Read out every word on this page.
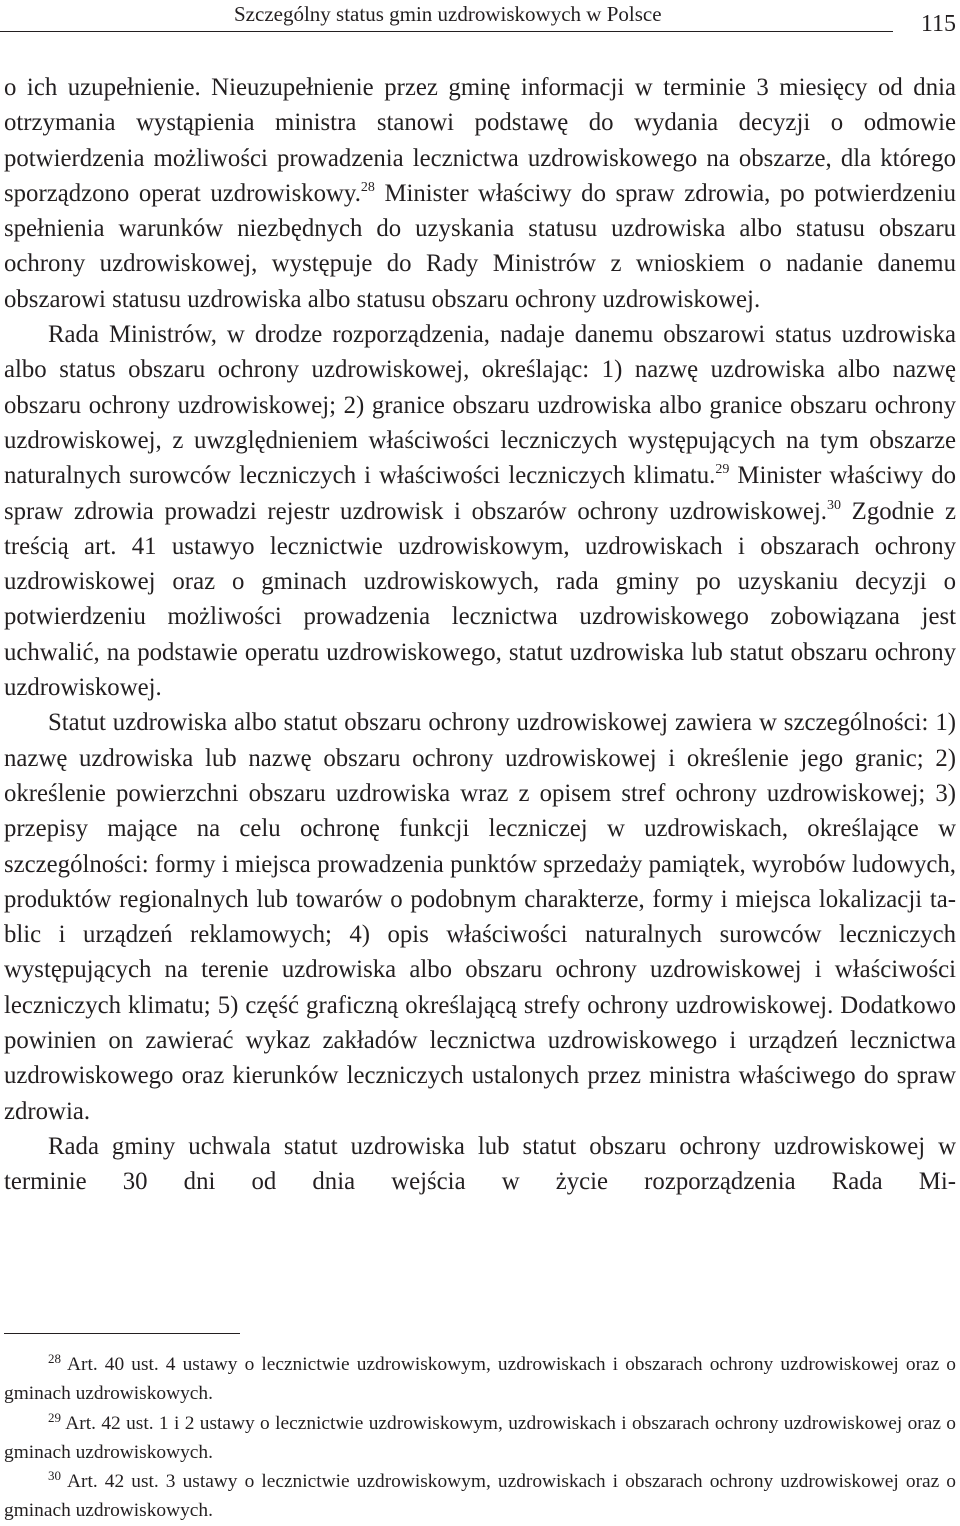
Szczególny status gmin uzdrowiskowych w Polsce	115

o ich uzupełnienie. Nieuzupełnienie przez gminę informacji w terminie 3 miesięcy od dnia otrzymania wystąpienia ministra stanowi podstawę do wydania decyzji o odmowie potwierdzenia możliwości prowadzenia lecznictwa uzdrowiskowego na obszarze, dla którego sporządzono operat uzdrowiskowy.$^{28}$ Minister właściwy do spraw zdrowia, po potwierdzeniu spełnienia warunków niezbędnych do uzyskania statusu uzdrowiska albo statusu obszaru ochrony uzdrowiskowej, występuje do Rady Ministrów z wnioskiem o nadanie danemu obszarowi statusu uzdrowiska albo statusu obszaru ochrony uzdrowiskowej.

Rada Ministrów, w drodze rozporządzenia, nadaje danemu obszarowi status uzdrowiska albo status obszaru ochrony uzdrowiskowej, określając: 1) nazwę uzdrowiska albo nazwę obszaru ochrony uzdrowiskowej; 2) granice obszaru uzdrowiska albo granice obszaru ochrony uzdrowiskowej, z uwzględnieniem właściwości leczniczych występujących na tym obszarze naturalnych surowców leczniczych i właściwości leczniczych klimatu.$^{29}$ Minister właściwy do spraw zdrowia prowadzi rejestr uzdrowisk i obszarów ochrony uzdrowiskowej.$^{30}$ Zgodnie z treścią art. 41 ustawyo lecznictwie uzdrowiskowym, uzdrowiskach i obszarach ochrony uzdrowiskowej oraz o gminach uzdrowiskowych, rada gminy po uzyskaniu decyzji o potwierdzeniu możliwości prowadzenia lecznictwa uzdrowiskowego zobowiązana jest uchwalić, na podstawie operatu uzdrowiskowego, statut uzdrowiska lub statut obszaru ochrony uzdrowiskowej.

Statut uzdrowiska albo statut obszaru ochrony uzdrowiskowej zawiera w szczególności: 1) nazwę uzdrowiska lub nazwę obszaru ochrony uzdrowiskowej i określenie jego granic; 2) określenie powierzchni obszaru uzdrowiska wraz z opisem stref ochrony uzdrowiskowej; 3) przepisy mające na celu ochronę funkcji leczniczej w uzdrowiskach, określające w szczególności: formy i miejsca prowadzenia punktów sprzedaży pamiątek, wyrobów ludowych, produktów regionalnych lub towarów o podobnym charakterze, formy i miejsca lokalizacji tablic i urządzeń reklamowych; 4) opis właściwości naturalnych surowców leczniczych występujących na terenie uzdrowiska albo obszaru ochrony uzdrowiskowej i właściwości leczniczych klimatu; 5) część graficzną określającą strefy ochrony uzdrowiskowej. Dodatkowo powinien on zawierać wykaz zakładów lecznictwa uzdrowiskowego i urządzeń lecznictwa uzdrowiskowego oraz kierunków leczniczych ustalonych przez ministra właściwego do spraw zdrowia.

Rada gminy uchwala statut uzdrowiska lub statut obszaru ochrony uzdrowiskowej w terminie 30 dni od dnia wejścia w życie rozporządzenia Rada Mi-

$^{28}$ Art. 40 ust. 4 ustawy o lecznictwie uzdrowiskowym, uzdrowiskach i obszarach ochrony uzdrowiskowej oraz o gminach uzdrowiskowych.

$^{29}$ Art. 42 ust. 1 i 2 ustawy o lecznictwie uzdrowiskowym, uzdrowiskach i obszarach ochrony uzdrowiskowej oraz o gminach uzdrowiskowych.

$^{30}$ Art. 42 ust. 3 ustawy o lecznictwie uzdrowiskowym, uzdrowiskach i obszarach ochrony uzdrowiskowej oraz o gminach uzdrowiskowych.
